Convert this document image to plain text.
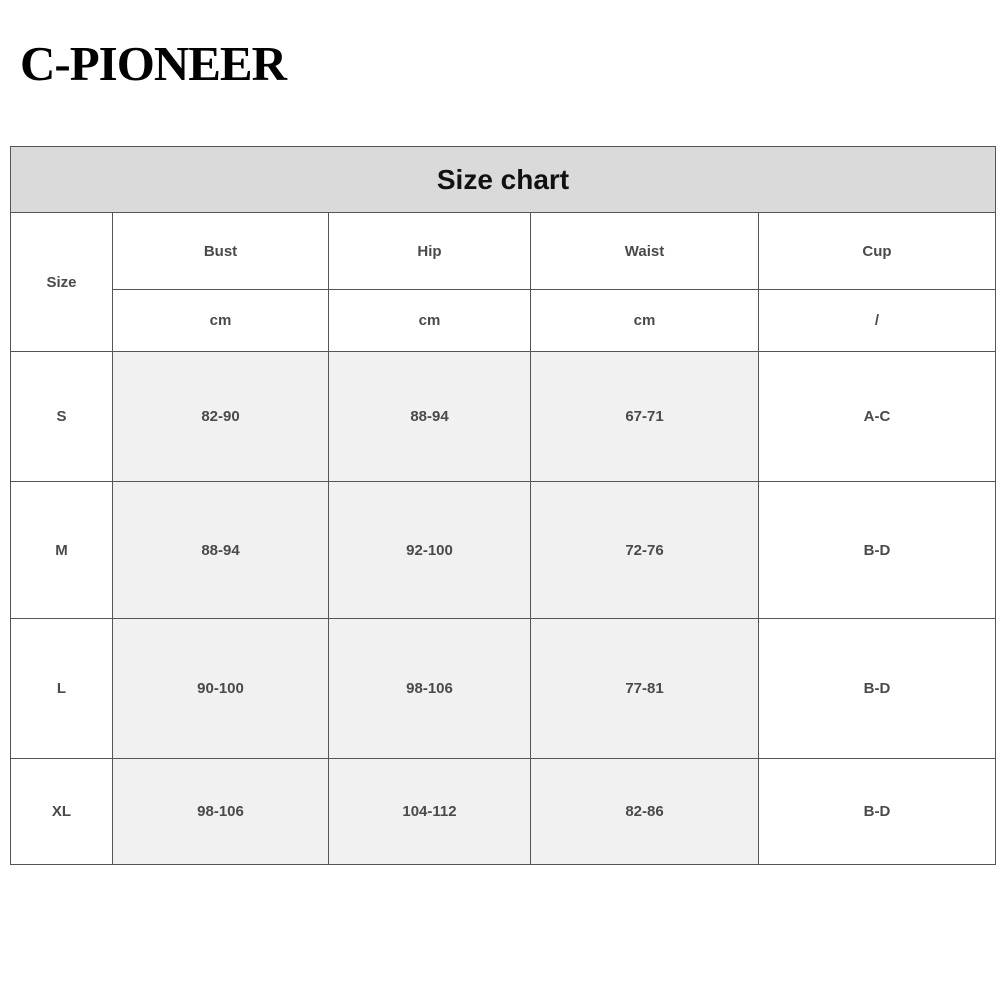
C-PIONEER
Size chart				
Size	Bust	Hip	Waist	Cup
	cm	cm	cm	/
S	82-90	88-94	67-71	A-C
M	88-94	92-100	72-76	B-D
L	90-100	98-106	77-81	B-D
XL	98-106	104-112	82-86	B-D
